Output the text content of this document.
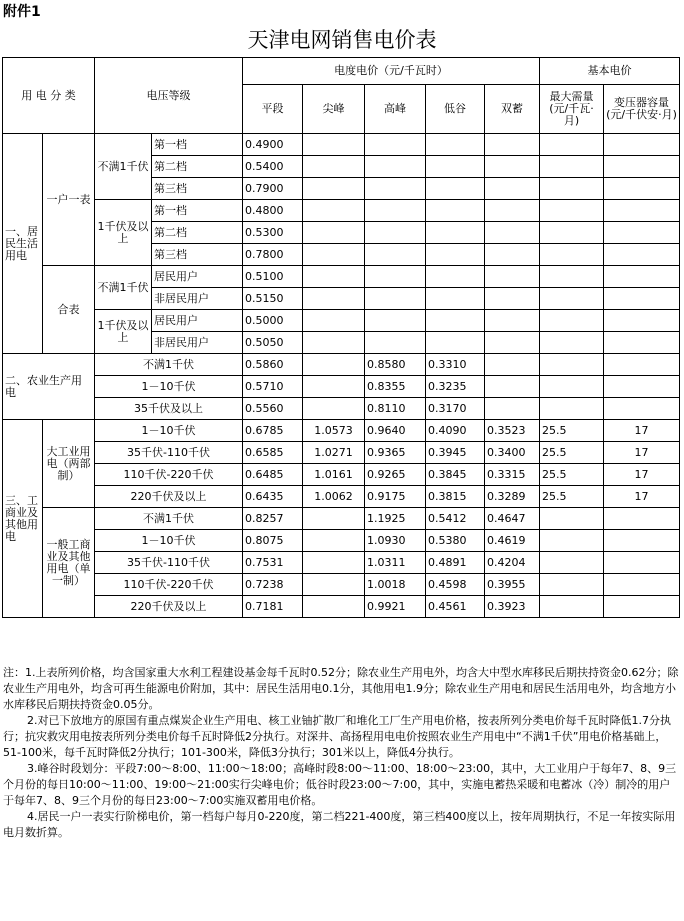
附件1
天津电网销售电价表
用 电 分 类		电压等级		电度电价（元/千瓦时）					基本电价	
				平段	尖峰	高峰	低谷	双蓄	最大需量(元/千瓦·月)	变压器容量(元/千伏安·月)
一、居民生活用电	一户一表	不满1千伏	第一档	0.4900						
			第二档	0.5400						
			第三档	0.7900						
		1千伏及以上	第一档	0.4800						
			第二档	0.5300						
			第三档	0.7800						
	合表	不满1千伏	居民用户	0.5100						
			非居民用户	0.5150						
		1千伏及以上	居民用户	0.5000						
			非居民用户	0.5050						
二、农业生产用电		不满1千伏		0.5860		0.8580	0.3310			
		1－10千伏		0.5710		0.8355	0.3235			
		35千伏及以上		0.5560		0.8110	0.3170			
三、工商业及其他用电	大工业用电（两部制）	1－10千伏		0.6785	1.0573	0.9640	0.4090	0.3523	25.5	17
		35千伏-110千伏		0.6585	1.0271	0.9365	0.3945	0.3400	25.5	17
		110千伏-220千伏		0.6485	1.0161	0.9265	0.3845	0.3315	25.5	17
		220千伏及以上		0.6435	1.0062	0.9175	0.3815	0.3289	25.5	17
	一般工商业及其他用电（单一制）	不满1千伏		0.8257		1.1925	0.5412	0.4647		
		1－10千伏		0.8075		1.0930	0.5380	0.4619		
		35千伏-110千伏		0.7531		1.0311	0.4891	0.4204		
		110千伏-220千伏		0.7238		1.0018	0.4598	0.3955		
		220千伏及以上		0.7181		0.9921	0.4561	0.3923		

注：1.上表所列价格，均含国家重大水利工程建设基金每千瓦时0.52分；除农业生产用电外，均含大中型水库移民后期扶持资金0.62分；除农业生产用电外，均含可再生能源电价附加，其中：居民生活用电0.1分，其他用电1.9分；除农业生产用电和居民生活用电外，均含地方小水库移民后期扶持资金0.05分。

2.对已下放地方的原国有重点煤炭企业生产用电、核工业铀扩散厂和堆化工厂生产用电价格，按表所列分类电价每千瓦时降低1.7分执行；抗灾救灾用电按表所列分类电价每千瓦时降低2分执行。对深井、高扬程用电电价按照农业生产用电中“不满1千伏”用电价格基础上，51-100米，每千瓦时降低2分执行；101-300米，降低3分执行；301米以上，降低4分执行。

3.峰谷时段划分：平段7:00～8:00、11:00～18:00；高峰时段8:00～11:00、18:00～23:00，其中，大工业用户于每年7、8、9三个月份的每日10:00～11:00、19:00～21:00实行尖峰电价；低谷时段23:00～7:00，其中，实施电蓄热采暖和电蓄冰（冷）制冷的用户于每年7、8、9三个月份的每日23:00～7:00实施双蓄用电价格。

4.居民一户一表实行阶梯电价，第一档每户每月0-220度，第二档221-400度，第三档400度以上，按年周期执行，不足一年按实际用电月数折算。
